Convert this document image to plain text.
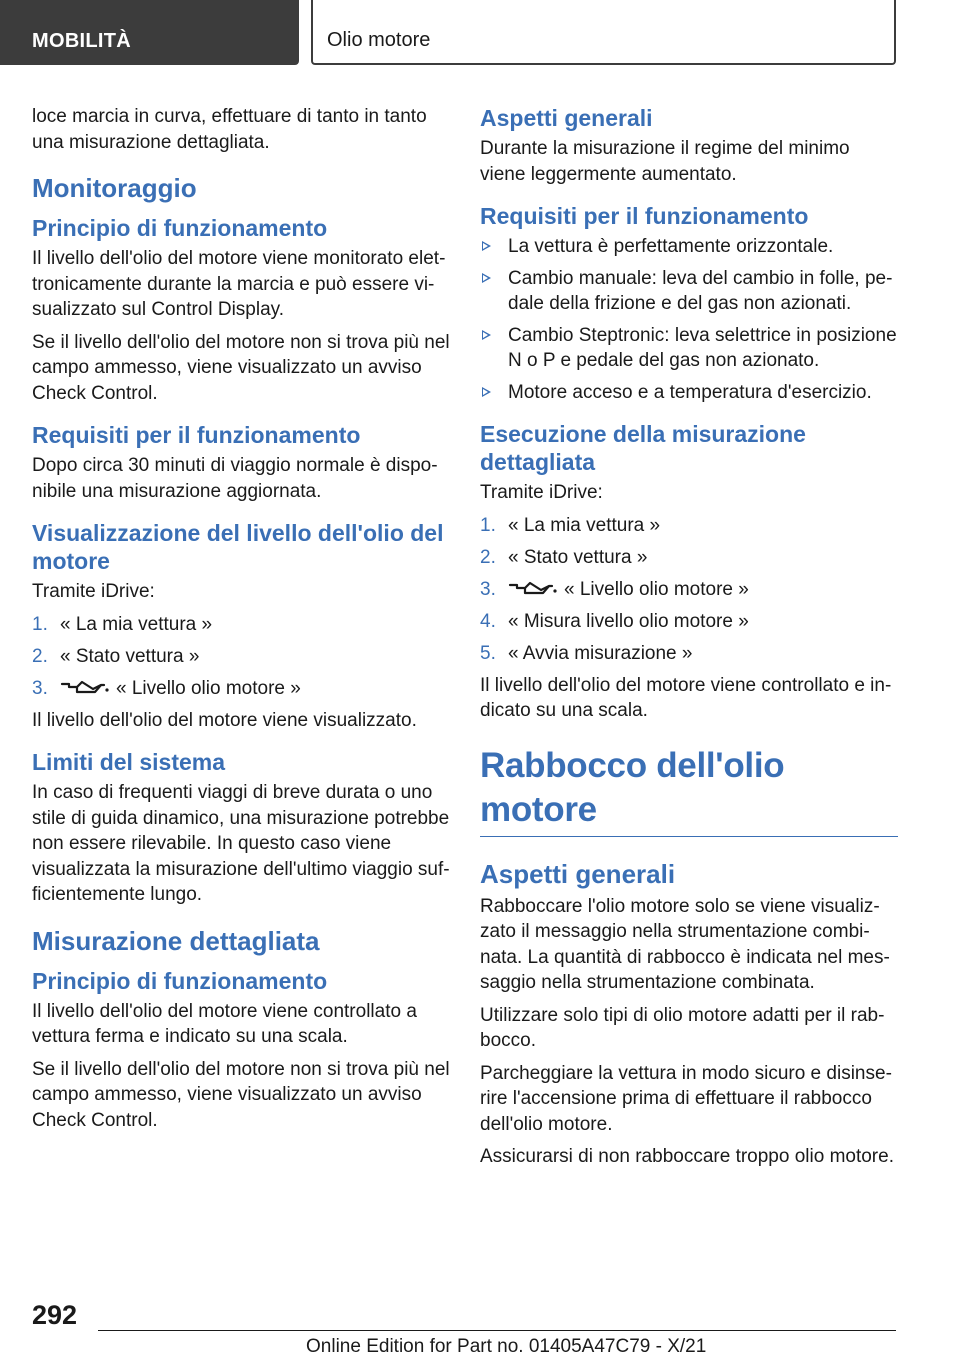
MOBILITÀ	Olio motore

loce marcia in curva, effettuare di tanto in tanto una misurazione dettagliata.

Monitoraggio
Principio di funzionamento

Il livello dell'olio del motore viene monitorato elettronicamente durante la marcia e può essere visualizzato sul Control Display.

Se il livello dell'olio del motore non si trova più nel campo ammesso, viene visualizzato un avviso Check Control.

Requisiti per il funzionamento

Dopo circa 30 minuti di viaggio normale è disponibile una misurazione aggiornata.

Visualizzazione del livello dell'olio del motore

Tramite iDrive:

1. « La mia vettura »
2. « Stato vettura »
3.	« Livello olio motore »

Il livello dell'olio del motore viene visualizzato.

Limiti del sistema

In caso di frequenti viaggi di breve durata o uno stile di guida dinamico, una misurazione potrebbe non essere rilevabile. In questo caso viene visualizzata la misurazione dell'ultimo viaggio sufficientemente lungo.

Misurazione dettagliata
Principio di funzionamento

Il livello dell'olio del motore viene controllato a vettura ferma e indicato su una scala.

Se il livello dell'olio del motore non si trova più nel campo ammesso, viene visualizzato un avviso Check Control.

Aspetti generali

Durante la misurazione il regime del minimo viene leggermente aumentato.

Requisiti per il funzionamento
La vettura è perfettamente orizzontale.
Cambio manuale: leva del cambio in folle, pedale della frizione e del gas non azionati.
Cambio Steptronic: leva selettrice in posizione N o P e pedale del gas non azionato.
Motore acceso e a temperatura d'esercizio.
Esecuzione della misurazione dettagliata

Tramite iDrive:

1. « La mia vettura »
2. « Stato vettura »
3.	« Livello olio motore »
4. « Misura livello olio motore »
5. « Avvia misurazione »

Il livello dell'olio del motore viene controllato e indicato su una scala.

Rabbocco dell'olio motore
Aspetti generali

Rabboccare l'olio motore solo se viene visualizzato il messaggio nella strumentazione combinata. La quantità di rabbocco è indicata nel messaggio nella strumentazione combinata.

Utilizzare solo tipi di olio motore adatti per il rabbocco.

Parcheggiare la vettura in modo sicuro e disinserire l'accensione prima di effettuare il rabbocco dell'olio motore.

Assicurarsi di non rabboccare troppo olio motore.

292
Online Edition for Part no. 01405A47C79 - X/21
